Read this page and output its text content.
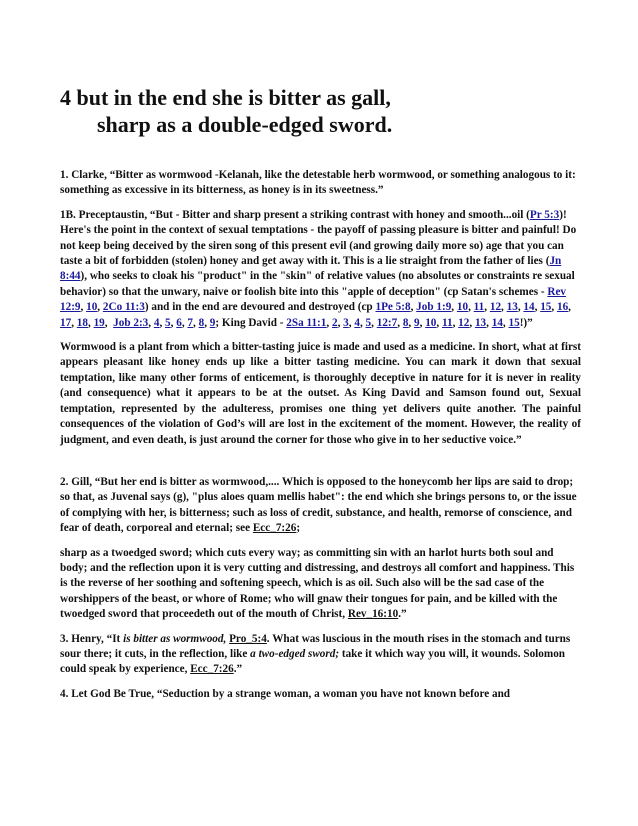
4 but in the end she is bitter as gall,
sharp as a double-edged sword.

1. Clarke, “Bitter as wormwood -Kelanah, like the detestable herb wormwood, or something analogous to it: something as excessive in its bitterness, as honey is in its sweetness.”

1B. Preceptaustin, “But - Bitter and sharp present a striking contrast with honey and smooth...oil (Pr 5:3)! Here's the point in the context of sexual temptations - the payoff of passing pleasure is bitter and painful! Do not keep being deceived by the siren song of this present evil (and growing daily more so) age that you can taste a bit of forbidden (stolen) honey and get away with it. This is a lie straight from the father of lies (Jn 8:44), who seeks to cloak his "product" in the "skin" of relative values (no absolutes or constraints re sexual behavior) so that the unwary, naive or foolish bite into this "apple of deception" (cp Satan's schemes - Rev 12:9, 10, 2Co 11:3) and in the end are devoured and destroyed (cp 1Pe 5:8, Job 1:9, 10, 11, 12, 13, 14, 15, 16, 17, 18, 19,  Job 2:3, 4, 5, 6, 7, 8, 9; King David - 2Sa 11:1, 2, 3, 4, 5, 12:7, 8, 9, 10, 11, 12, 13, 14, 15!)”

Wormwood is a plant from which a bitter-tasting juice is made and used as a medicine. In short, what at first appears pleasant like honey ends up like a bitter tasting medicine. You can mark it down that sexual temptation, like many other forms of enticement, is thoroughly deceptive in nature for it is never in reality (and consequence) what it appears to be at the outset. As King David and Samson found out, Sexual temptation, represented by the adulteress, promises one thing yet delivers quite another. The painful consequences of the violation of God’s will are lost in the excitement of the moment. However, the reality of judgment, and even death, is just around the corner for those who give in to her seductive voice.”

2. Gill, “But her end is bitter as wormwood,.... Which is opposed to the honeycomb her lips are said to drop; so that, as Juvenal says (g), "plus aloes quam mellis habet": the end which she brings persons to, or the issue of complying with her, is bitterness; such as loss of credit, substance, and health, remorse of conscience, and fear of death, corporeal and eternal; see Ecc_7:26;

sharp as a twoedged sword; which cuts every way; as committing sin with an harlot hurts both soul and body; and the reflection upon it is very cutting and distressing, and destroys all comfort and happiness. This is the reverse of her soothing and softening speech, which is as oil. Such also will be the sad case of the worshippers of the beast, or whore of Rome; who will gnaw their tongues for pain, and be killed with the twoedged sword that proceedeth out of the mouth of Christ, Rev_16:10.”

3. Henry, “It is bitter as wormwood, Pro_5:4. What was luscious in the mouth rises in the stomach and turns sour there; it cuts, in the reflection, like a two-edged sword; take it which way you will, it wounds. Solomon could speak by experience, Ecc_7:26.”

4. Let God Be True, “Seduction by a strange woman, a woman you have not known before and
